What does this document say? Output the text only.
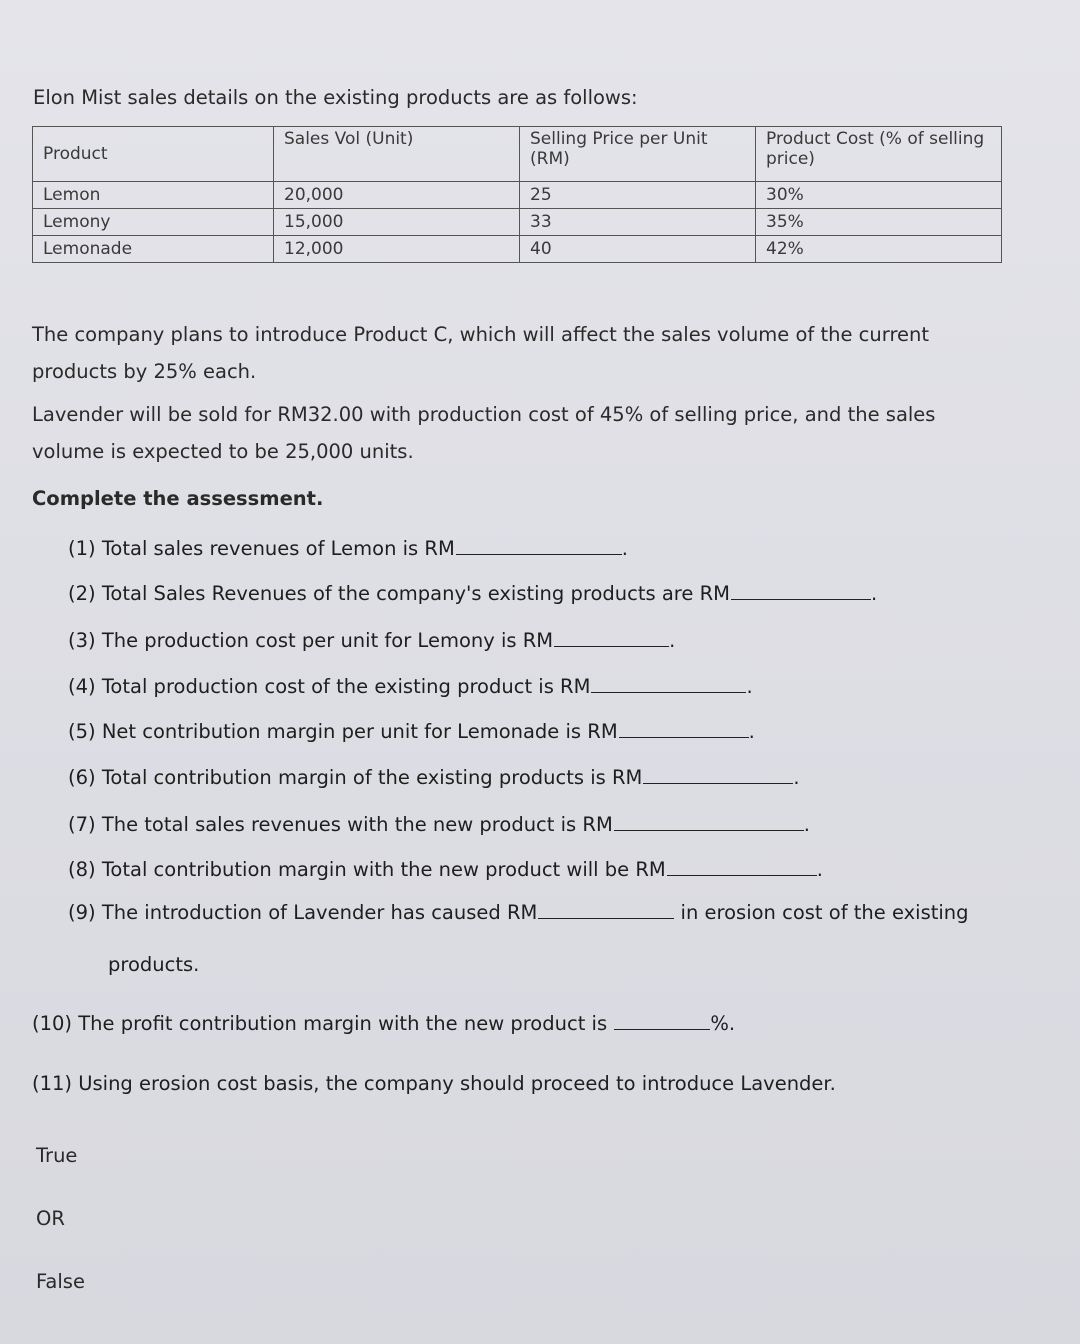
Elon Mist sales details on the existing products are as follows:
Product	Sales Vol (Unit)	Selling Price per Unit (RM)	Product Cost (% of selling price)
Lemon	20,000	25	30%
Lemony	15,000	33	35%
Lemonade	12,000	40	42%
The company plans to introduce Product C, which will affect the sales volume of the current products by 25% each.
Lavender will be sold for RM32.00 with production cost of 45% of selling price, and the sales volume is expected to be 25,000 units.
Complete the assessment.
(1) Total sales revenues of Lemon is RM	.
(2) Total Sales Revenues of the company's existing products are RM	.
(3) The production cost per unit for Lemony is RM	.
(4) Total production cost of the existing product is RM	.
(5) Net contribution margin per unit for Lemonade is RM	.
(6) Total contribution margin of the existing products is RM	.
(7) The total sales revenues with the new product is RM	.
(8) Total contribution margin with the new product will be RM	.
(9) The introduction of Lavender has caused RM	in erosion cost of the existing
products.
(10) The profit contribution margin with the new product is	%.
(11) Using erosion cost basis, the company should proceed to introduce Lavender.
True
OR
False
